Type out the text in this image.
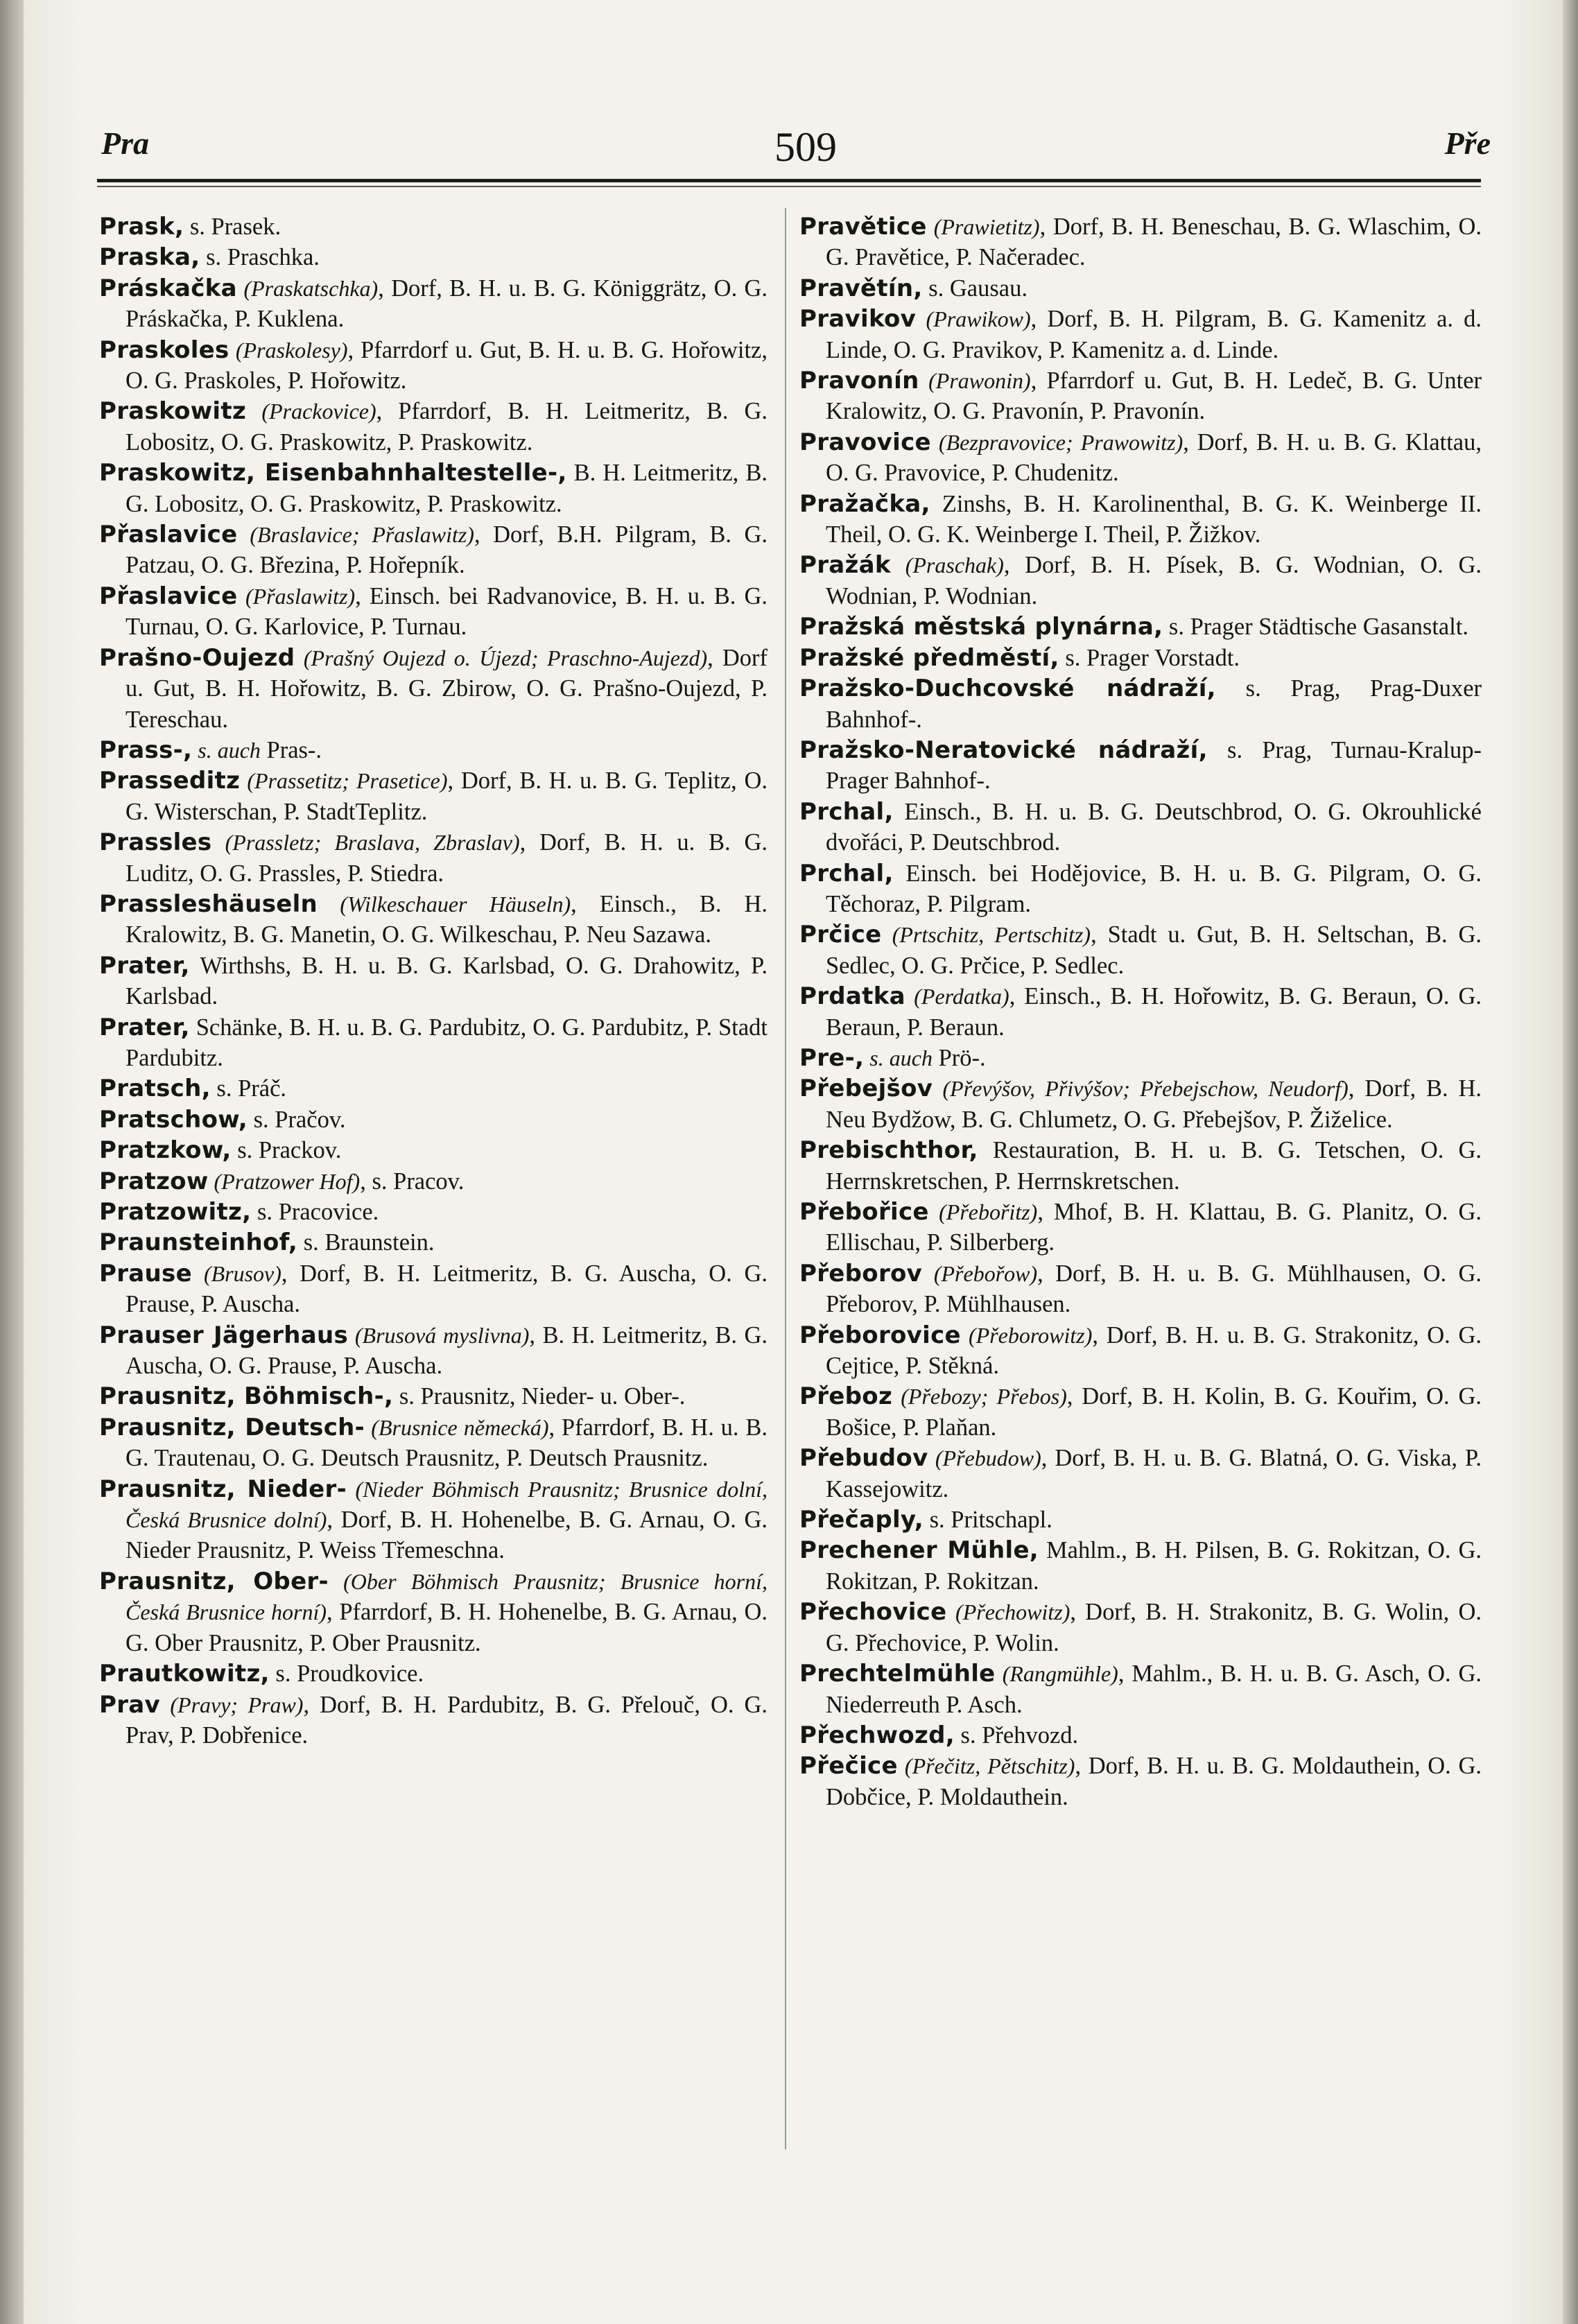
Pra	509	Pře

Prask, s. Prasek.

Praska, s. Praschka.

Práskačka (Praskatschka), Dorf, B. H. u. B. G. Königgrätz, O. G. Práskačka, P. Kuklena.

Praskoles (Praskolesy), Pfarrdorf u. Gut, B. H. u. B. G. Hořowitz, O. G. Praskoles, P. Hořowitz.

Praskowitz (Prackovice), Pfarrdorf, B. H. Leitmeritz, B. G. Lobositz, O. G. Praskowitz, P. Praskowitz.

Praskowitz, Eisenbahnhaltestelle-, B. H. Leitmeritz, B. G. Lobositz, O. G. Praskowitz, P. Praskowitz.

Přaslavice (Braslavice; Přaslawitz), Dorf, B.H. Pilgram, B. G. Patzau, O. G. Březina, P. Hořepník.

Přaslavice (Přaslawitz), Einsch. bei Radvanovice, B. H. u. B. G. Turnau, O. G. Karlovice, P. Turnau.

Prašno-Oujezd (Prašný Oujezd o. Újezd; Praschno-Aujezd), Dorf u. Gut, B. H. Hořowitz, B. G. Zbirow, O. G. Prašno-Oujezd, P. Tereschau.

Prass-, s. auch Pras-.

Prasseditz (Prassetitz; Prasetice), Dorf, B. H. u. B. G. Teplitz, O. G. Wisterschan, P. StadtTeplitz.

Prassles (Prassletz; Braslava, Zbraslav), Dorf, B. H. u. B. G. Luditz, O. G. Prassles, P. Stiedra.

Prassleshäuseln (Wilkeschauer Häuseln), Einsch., B. H. Kralowitz, B. G. Manetin, O. G. Wilkeschau, P. Neu Sazawa.

Prater, Wirthshs, B. H. u. B. G. Karlsbad, O. G. Drahowitz, P. Karlsbad.

Prater, Schänke, B. H. u. B. G. Pardubitz, O. G. Pardubitz, P. Stadt Pardubitz.

Pratsch, s. Práč.

Pratschow, s. Pračov.

Pratzkow, s. Prackov.

Pratzow (Pratzower Hof), s. Pracov.

Pratzowitz, s. Pracovice.

Praunsteinhof, s. Braunstein.

Prause (Brusov), Dorf, B. H. Leitmeritz, B. G. Auscha, O. G. Prause, P. Auscha.

Prauser Jägerhaus (Brusová myslivna), B. H. Leitmeritz, B. G. Auscha, O. G. Prause, P. Auscha.

Prausnitz, Böhmisch-, s. Prausnitz, Nieder- u. Ober-.

Prausnitz, Deutsch- (Brusnice německá), Pfarrdorf, B. H. u. B. G. Trautenau, O. G. Deutsch Prausnitz, P. Deutsch Prausnitz.

Prausnitz, Nieder- (Nieder Böhmisch Prausnitz; Brusnice dolní, Česká Brusnice dolní), Dorf, B. H. Hohenelbe, B. G. Arnau, O. G. Nieder Prausnitz, P. Weiss Třemeschna.

Prausnitz, Ober- (Ober Böhmisch Prausnitz; Brusnice horní, Česká Brusnice horní), Pfarrdorf, B. H. Hohenelbe, B. G. Arnau, O. G. Ober Prausnitz, P. Ober Prausnitz.

Prautkowitz, s. Proudkovice.

Prav (Pravy; Praw), Dorf, B. H. Pardubitz, B. G. Přelouč, O. G. Prav, P. Dobřenice.

Pravětice (Prawietitz), Dorf, B. H. Beneschau, B. G. Wlaschim, O. G. Pravětice, P. Načeradec.

Pravětín, s. Gausau.

Pravikov (Prawikow), Dorf, B. H. Pilgram, B. G. Kamenitz a. d. Linde, O. G. Pravikov, P. Kamenitz a. d. Linde.

Pravonín (Prawonin), Pfarrdorf u. Gut, B. H. Ledeč, B. G. Unter Kralowitz, O. G. Pravonín, P. Pravonín.

Pravovice (Bezpravovice; Prawowitz), Dorf, B. H. u. B. G. Klattau, O. G. Pravovice, P. Chudenitz.

Pražačka, Zinshs, B. H. Karolinenthal, B. G. K. Weinberge II. Theil, O. G. K. Weinberge I. Theil, P. Žižkov.

Pražák (Praschak), Dorf, B. H. Písek, B. G. Wodnian, O. G. Wodnian, P. Wodnian.

Pražská městská plynárna, s. Prager Städtische Gasanstalt.

Pražské předměstí, s. Prager Vorstadt.

Pražsko-Duchcovské nádraží, s. Prag, Prag-Duxer Bahnhof-.

Pražsko-Neratovické nádraží, s. Prag, Turnau-Kralup-Prager Bahnhof-.

Prchal, Einsch., B. H. u. B. G. Deutschbrod, O. G. Okrouhlické dvořáci, P. Deutschbrod.

Prchal, Einsch. bei Hodějovice, B. H. u. B. G. Pilgram, O. G. Těchoraz, P. Pilgram.

Prčice (Prtschitz, Pertschitz), Stadt u. Gut, B. H. Seltschan, B. G. Sedlec, O. G. Prčice, P. Sedlec.

Prdatka (Perdatka), Einsch., B. H. Hořowitz, B. G. Beraun, O. G. Beraun, P. Beraun.

Pre-, s. auch Prö-.

Přebejšov (Převýšov, Přivýšov; Přebejschow, Neudorf), Dorf, B. H. Neu Bydžow, B. G. Chlumetz, O. G. Přebejšov, P. Žiželice.

Prebischthor, Restauration, B. H. u. B. G. Tetschen, O. G. Herrnskretschen, P. Herrnskretschen.

Přebořice (Přebořitz), Mhof, B. H. Klattau, B. G. Planitz, O. G. Ellischau, P. Silberberg.

Přeborov (Přebořow), Dorf, B. H. u. B. G. Mühlhausen, O. G. Přeborov, P. Mühlhausen.

Přeborovice (Přeborowitz), Dorf, B. H. u. B. G. Strakonitz, O. G. Cejtice, P. Stěkná.

Přeboz (Přebozy; Přebos), Dorf, B. H. Kolin, B. G. Kouřim, O. G. Bošice, P. Plaňan.

Přebudov (Přebudow), Dorf, B. H. u. B. G. Blatná, O. G. Viska, P. Kassejowitz.

Přečaply, s. Pritschapl.

Prechener Mühle, Mahlm., B. H. Pilsen, B. G. Rokitzan, O. G. Rokitzan, P. Rokitzan.

Přechovice (Přechowitz), Dorf, B. H. Strakonitz, B. G. Wolin, O. G. Přechovice, P. Wolin.

Prechtelmühle (Rangmühle), Mahlm., B. H. u. B. G. Asch, O. G. Niederreuth P. Asch.

Přechwozd, s. Přehvozd.

Přečice (Přečitz, Pětschitz), Dorf, B. H. u. B. G. Moldauthein, O. G. Dobčice, P. Moldauthein.
